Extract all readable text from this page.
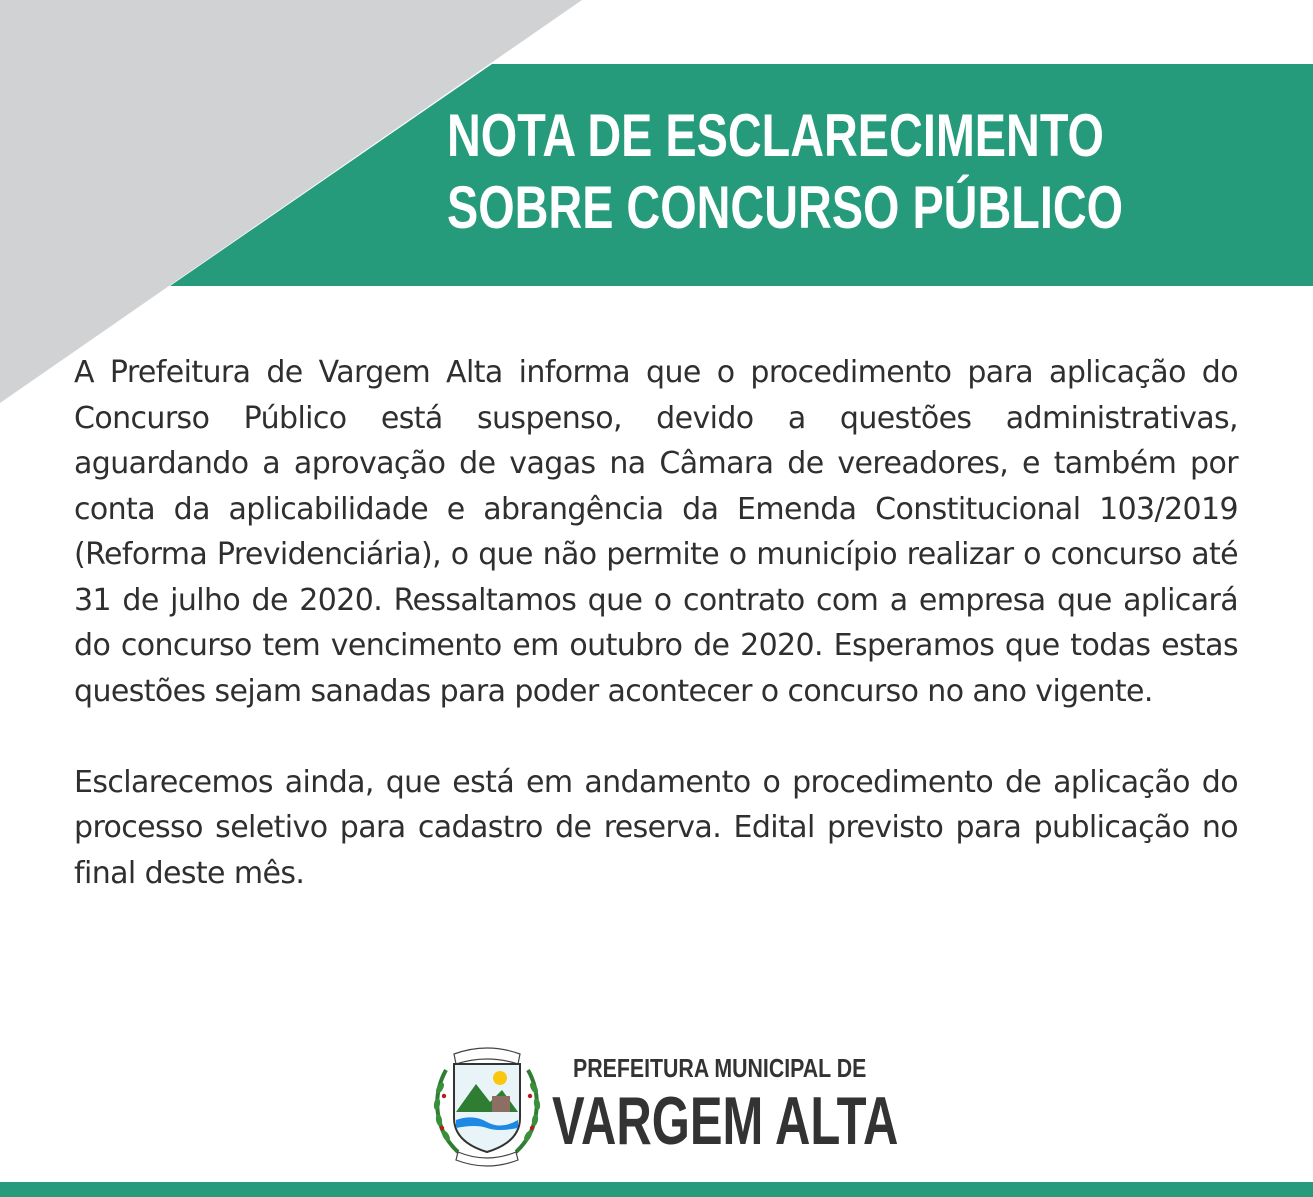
NOTA DE ESCLARECIMENTO
SOBRE CONCURSO PÚBLICO

A Prefeitura de Vargem Alta informa que o procedimento para aplicação do Concurso Público está suspenso, devido a questões administrativas, aguardando a aprovação de vagas na Câmara de vereadores, e também por conta da aplicabilidade e abrangência da Emenda Constitucional 103/2019 (Reforma Previdenciária), o que não permite o município realizar o concurso até 31 de julho de 2020. Ressaltamos que o contrato com a empresa que aplicará do concurso tem vencimento em outubro de 2020. Esperamos que todas estas questões sejam sanadas para poder acontecer o concurso no ano vigente.

Esclarecemos ainda, que está em andamento o procedimento de aplicação do processo seletivo para cadastro de reserva. Edital previsto para publicação no final deste mês.

PREFEITURA MUNICIPAL DE

VARGEM ALTA
